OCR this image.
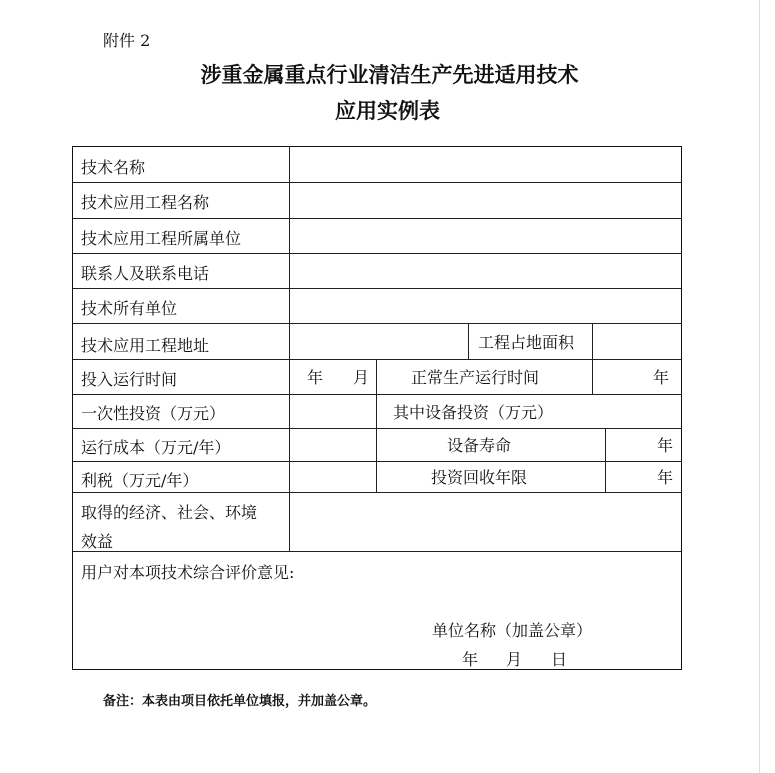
附件 2
涉重金属重点行业清洁生产先进适用技术
应用实例表
技术名称
技术应用工程名称
技术应用工程所属单位
联系人及联系电话
技术所有单位
技术应用工程地址	工程占地面积
投入运行时间	年 月	正常生产运行时间	年
一次性投资（万元）	其中设备投资（万元）
运行成本（万元/年）	设备寿命	年
利税（万元/年）	投资回收年限	年
取得的经济、社会、环境
效益
用户对本项技术综合评价意见:
单位名称（加盖公章）
年 月 日
备注：本表由项目依托单位填报，并加盖公章。
